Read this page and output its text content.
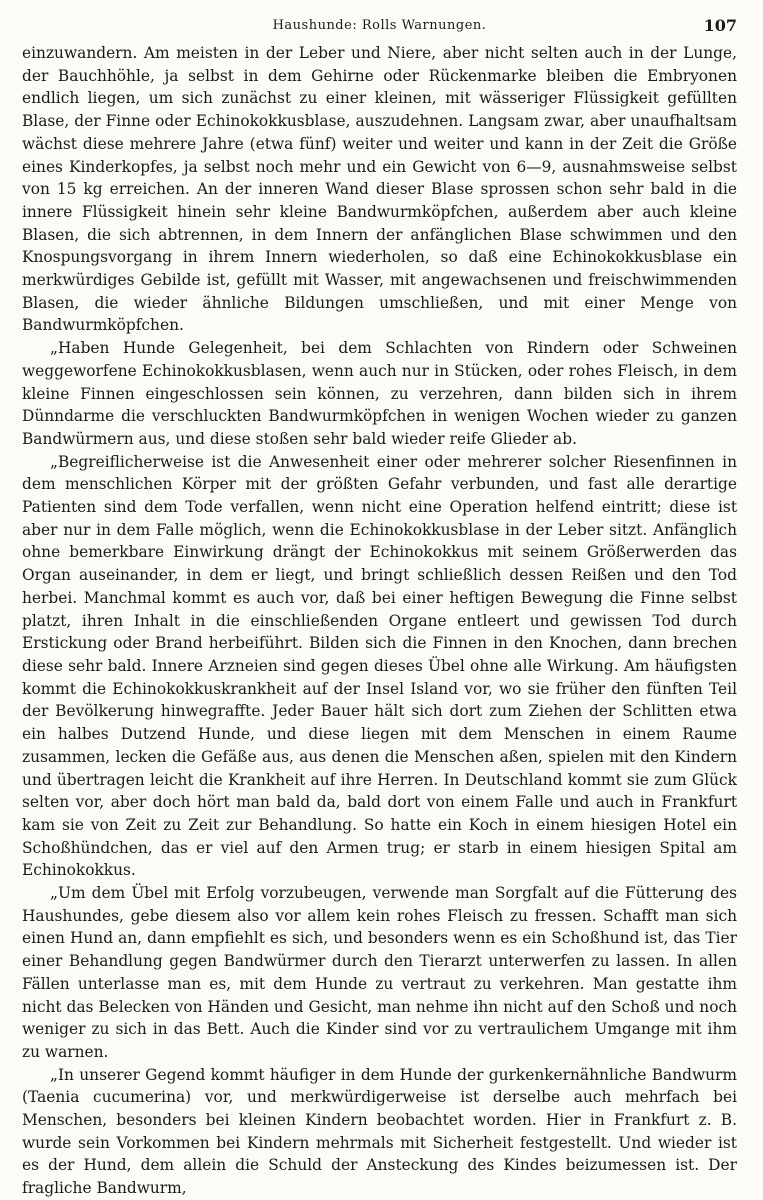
Haushunde: Rolls Warnungen.	107

einzuwandern. Am meisten in der Leber und Niere, aber nicht selten auch in der Lunge, der Bauchhöhle, ja selbst in dem Gehirne oder Rückenmarke bleiben die Embryonen endlich liegen, um sich zunächst zu einer kleinen, mit wässeriger Flüssigkeit gefüllten Blase, der Finne oder Echinokokkusblase, auszudehnen. Langsam zwar, aber unaufhaltsam wächst diese mehrere Jahre (etwa fünf) weiter und weiter und kann in der Zeit die Größe eines Kinderkopfes, ja selbst noch mehr und ein Gewicht von 6—9, ausnahmsweise selbst von 15 kg erreichen. An der inneren Wand dieser Blase sprossen schon sehr bald in die innere Flüssigkeit hinein sehr kleine Bandwurmköpfchen, außerdem aber auch kleine Blasen, die sich abtrennen, in dem Innern der anfänglichen Blase schwimmen und den Knospungsvorgang in ihrem Innern wiederholen, so daß eine Echinokokkusblase ein merkwürdiges Gebilde ist, gefüllt mit Wasser, mit angewachsenen und freischwimmenden Blasen, die wieder ähnliche Bildungen umschließen, und mit einer Menge von Bandwurmköpfchen.

„Haben Hunde Gelegenheit, bei dem Schlachten von Rindern oder Schweinen weggeworfene Echinokokkusblasen, wenn auch nur in Stücken, oder rohes Fleisch, in dem kleine Finnen eingeschlossen sein können, zu verzehren, dann bilden sich in ihrem Dünndarme die verschluckten Bandwurmköpfchen in wenigen Wochen wieder zu ganzen Bandwürmern aus, und diese stoßen sehr bald wieder reife Glieder ab.

„Begreiflicherweise ist die Anwesenheit einer oder mehrerer solcher Riesenfinnen in dem menschlichen Körper mit der größten Gefahr verbunden, und fast alle derartige Patienten sind dem Tode verfallen, wenn nicht eine Operation helfend eintritt; diese ist aber nur in dem Falle möglich, wenn die Echinokokkusblase in der Leber sitzt. Anfänglich ohne bemerkbare Einwirkung drängt der Echinokokkus mit seinem Größerwerden das Organ auseinander, in dem er liegt, und bringt schließlich dessen Reißen und den Tod herbei. Manchmal kommt es auch vor, daß bei einer heftigen Bewegung die Finne selbst platzt, ihren Inhalt in die einschließenden Organe entleert und gewissen Tod durch Erstickung oder Brand herbeiführt. Bilden sich die Finnen in den Knochen, dann brechen diese sehr bald. Innere Arzneien sind gegen dieses Übel ohne alle Wirkung. Am häufigsten kommt die Echinokokkuskrankheit auf der Insel Island vor, wo sie früher den fünften Teil der Bevölkerung hinwegraffte. Jeder Bauer hält sich dort zum Ziehen der Schlitten etwa ein halbes Dutzend Hunde, und diese liegen mit dem Menschen in einem Raume zusammen, lecken die Gefäße aus, aus denen die Menschen aßen, spielen mit den Kindern und übertragen leicht die Krankheit auf ihre Herren. In Deutschland kommt sie zum Glück selten vor, aber doch hört man bald da, bald dort von einem Falle und auch in Frankfurt kam sie von Zeit zu Zeit zur Behandlung. So hatte ein Koch in einem hiesigen Hotel ein Schoßhündchen, das er viel auf den Armen trug; er starb in einem hiesigen Spital am Echinokokkus.

„Um dem Übel mit Erfolg vorzubeugen, verwende man Sorgfalt auf die Fütterung des Haushundes, gebe diesem also vor allem kein rohes Fleisch zu fressen. Schafft man sich einen Hund an, dann empfiehlt es sich, und besonders wenn es ein Schoßhund ist, das Tier einer Behandlung gegen Bandwürmer durch den Tierarzt unterwerfen zu lassen. In allen Fällen unterlasse man es, mit dem Hunde zu vertraut zu verkehren. Man gestatte ihm nicht das Belecken von Händen und Gesicht, man nehme ihn nicht auf den Schoß und noch weniger zu sich in das Bett. Auch die Kinder sind vor zu vertraulichem Umgange mit ihm zu warnen.

„In unserer Gegend kommt häufiger in dem Hunde der gurkenkernähnliche Bandwurm (Taenia cucumerina) vor, und merkwürdigerweise ist derselbe auch mehrfach bei Menschen, besonders bei kleinen Kindern beobachtet worden. Hier in Frankfurt z. B. wurde sein Vorkommen bei Kindern mehrmals mit Sicherheit festgestellt. Und wieder ist es der Hund, dem allein die Schuld der Ansteckung des Kindes beizumessen ist. Der fragliche Bandwurm,
